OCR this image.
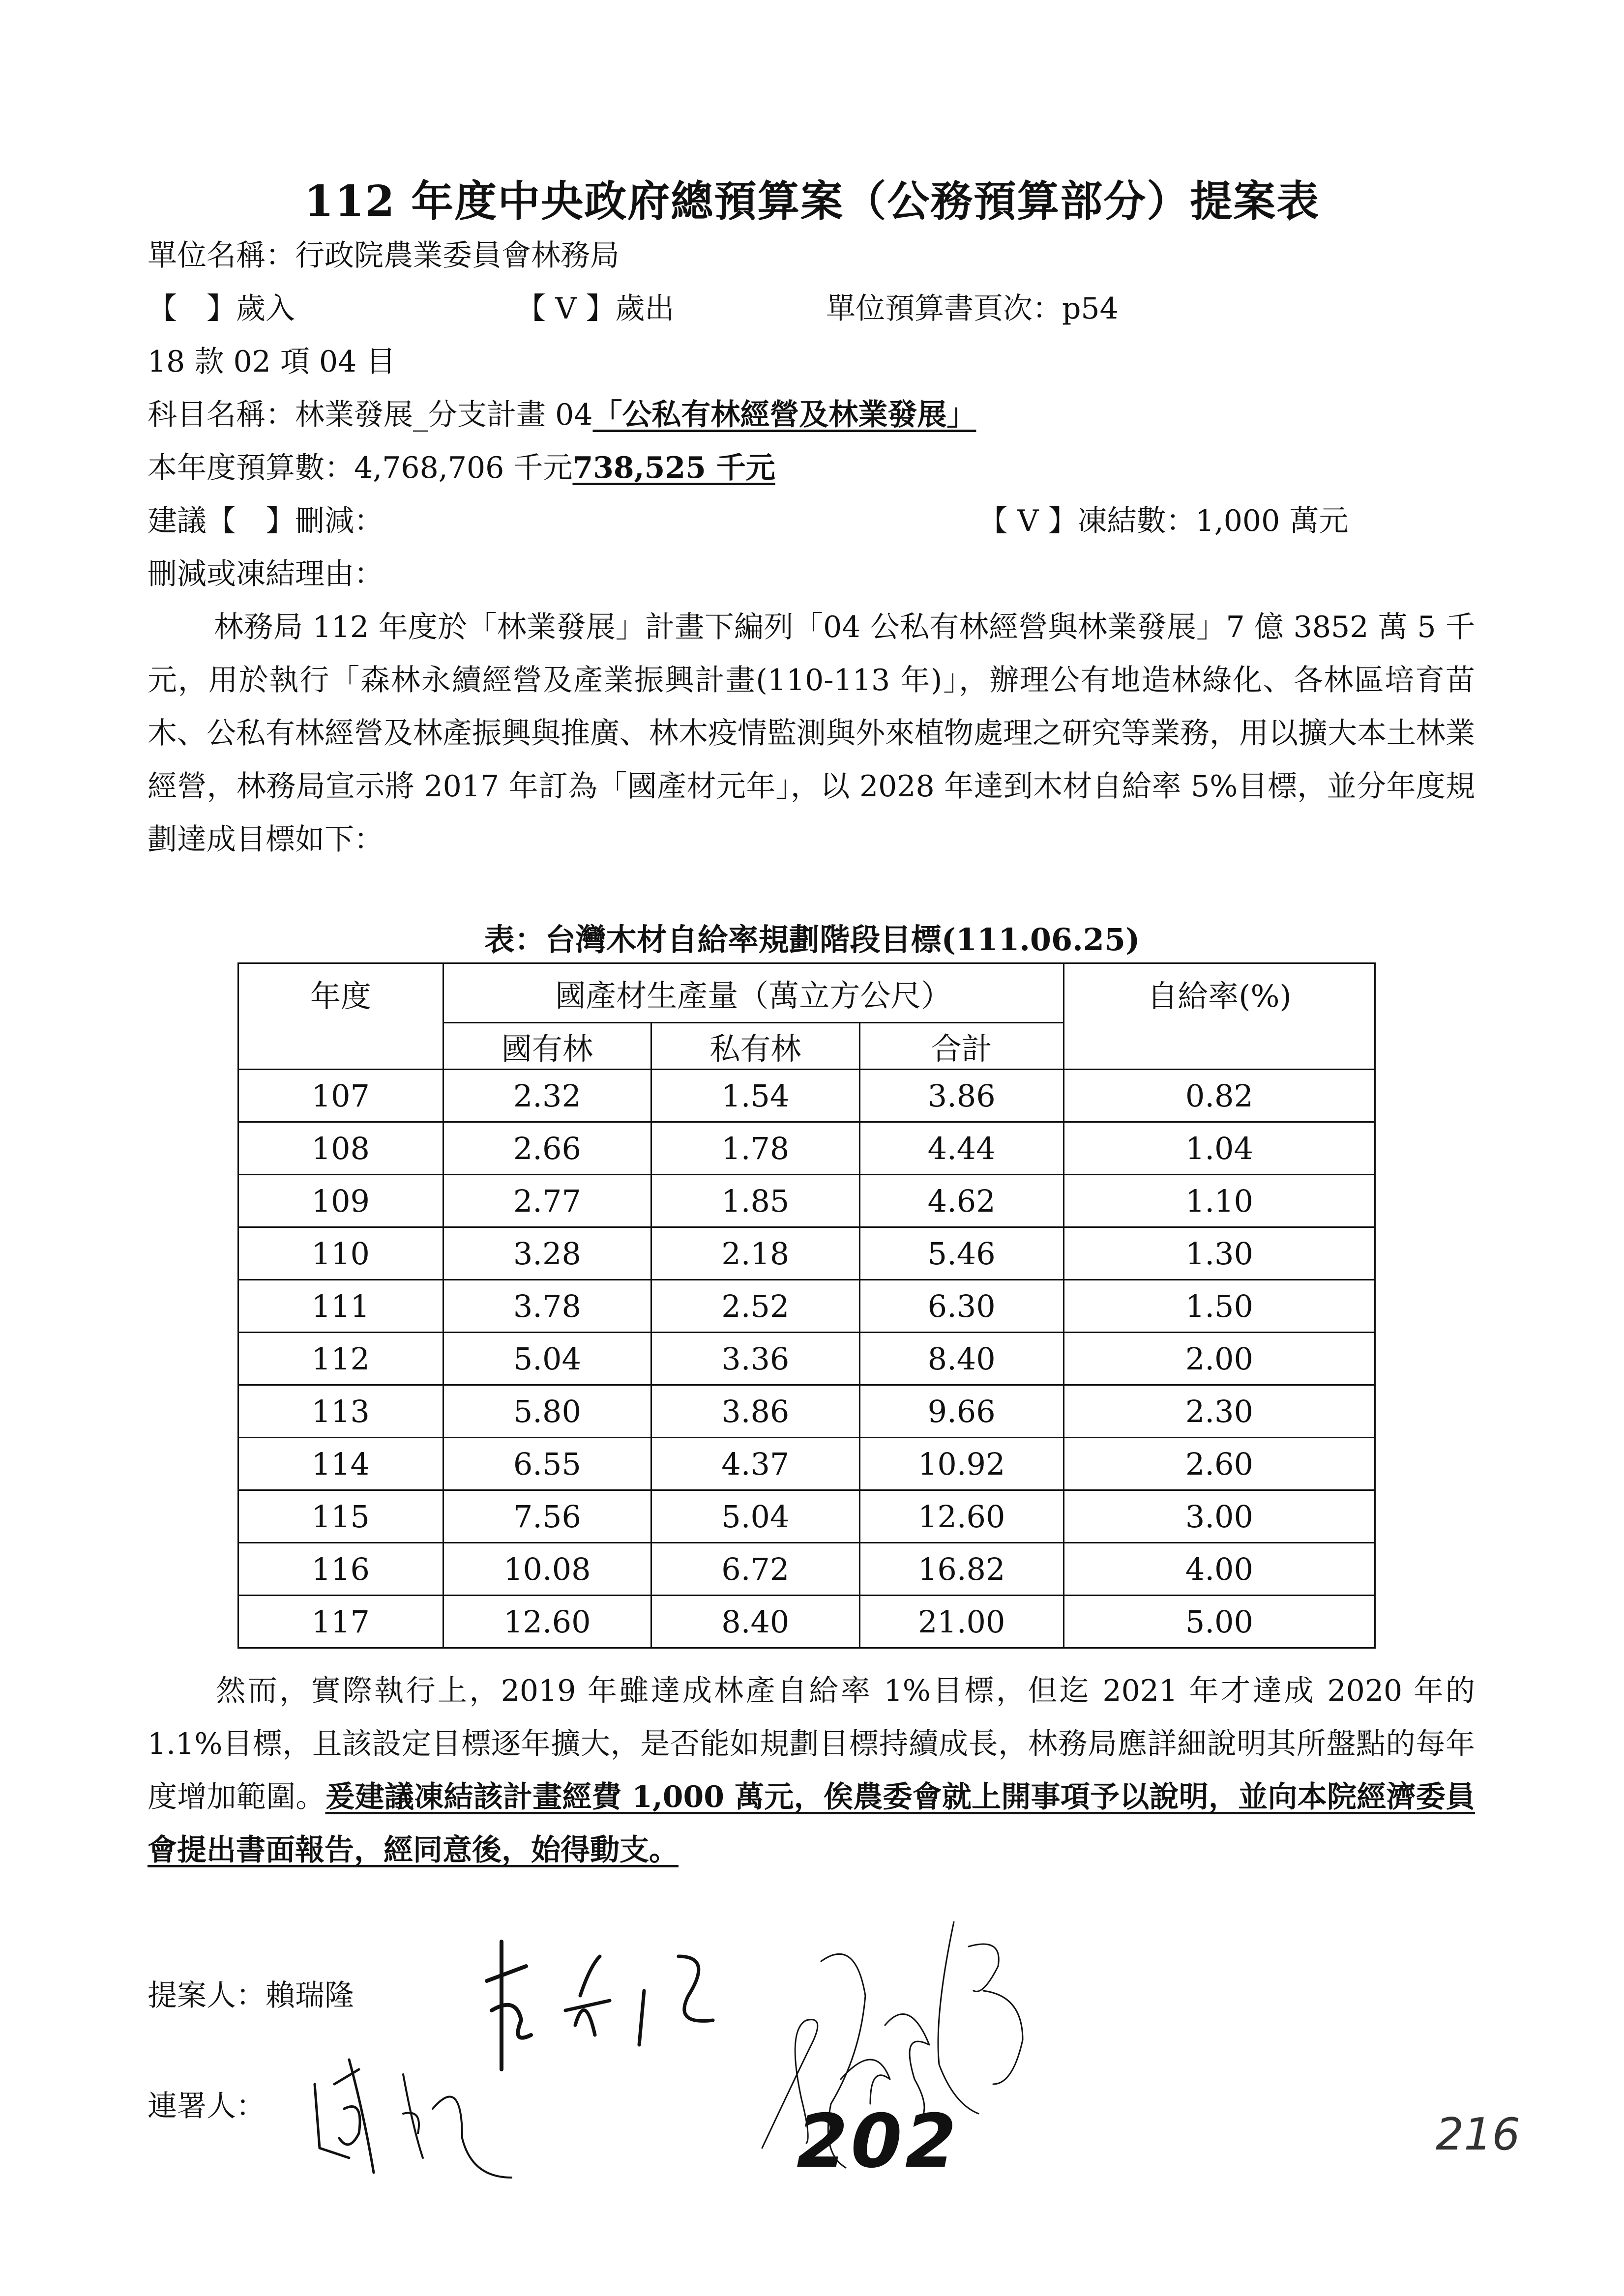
112 年度中央政府總預算案（公務預算部分）提案表
單位名稱：行政院農業委員會林務局
【　】歲入	【 V 】歲出	單位預算書頁次：p54
18 款 02 項 04 目
科目名稱：林業發展_分支計畫 04「公私有林經營及林業發展」
本年度預算數：4,768,706 千元738,525 千元
建議【　】刪減：	【 V 】凍結數：1,000 萬元
刪減或凍結理由：
林務局 112 年度於「林業發展」計畫下編列「04 公私有林經營與林業發展」7 億 3852 萬 5 千元，用於執行「森林永續經營及產業振興計畫(110-113 年)」，辦理公有地造林綠化、各林區培育苗木、公私有林經營及林產振興與推廣、林木疫情監測與外來植物處理之研究等業務，用以擴大本土林業經營，林務局宣示將 2017 年訂為「國產材元年」，以 2028 年達到木材自給率 5%目標，並分年度規劃達成目標如下：
表：台灣木材自給率規劃階段目標(111.06.25)
年度	國產材生產量（萬立方公尺）			自給率(%)
	國有林	私有林	合計	
107	2.32	1.54	3.86	0.82
108	2.66	1.78	4.44	1.04
109	2.77	1.85	4.62	1.10
110	3.28	2.18	5.46	1.30
111	3.78	2.52	6.30	1.50
112	5.04	3.36	8.40	2.00
113	5.80	3.86	9.66	2.30
114	6.55	4.37	10.92	2.60
115	7.56	5.04	12.60	3.00
116	10.08	6.72	16.82	4.00
117	12.60	8.40	21.00	5.00
然而，實際執行上，2019 年雖達成林產自給率 1%目標，但迄 2021 年才達成 2020 年的 1.1%目標，且該設定目標逐年擴大，是否能如規劃目標持續成長，林務局應詳細說明其所盤點的每年度增加範圍。爰建議凍結該計畫經費 1,000 萬元，俟農委會就上開事項予以說明，並向本院經濟委員會提出書面報告，經同意後，始得動支。
提案人：賴瑞隆
連署人：	202	216
